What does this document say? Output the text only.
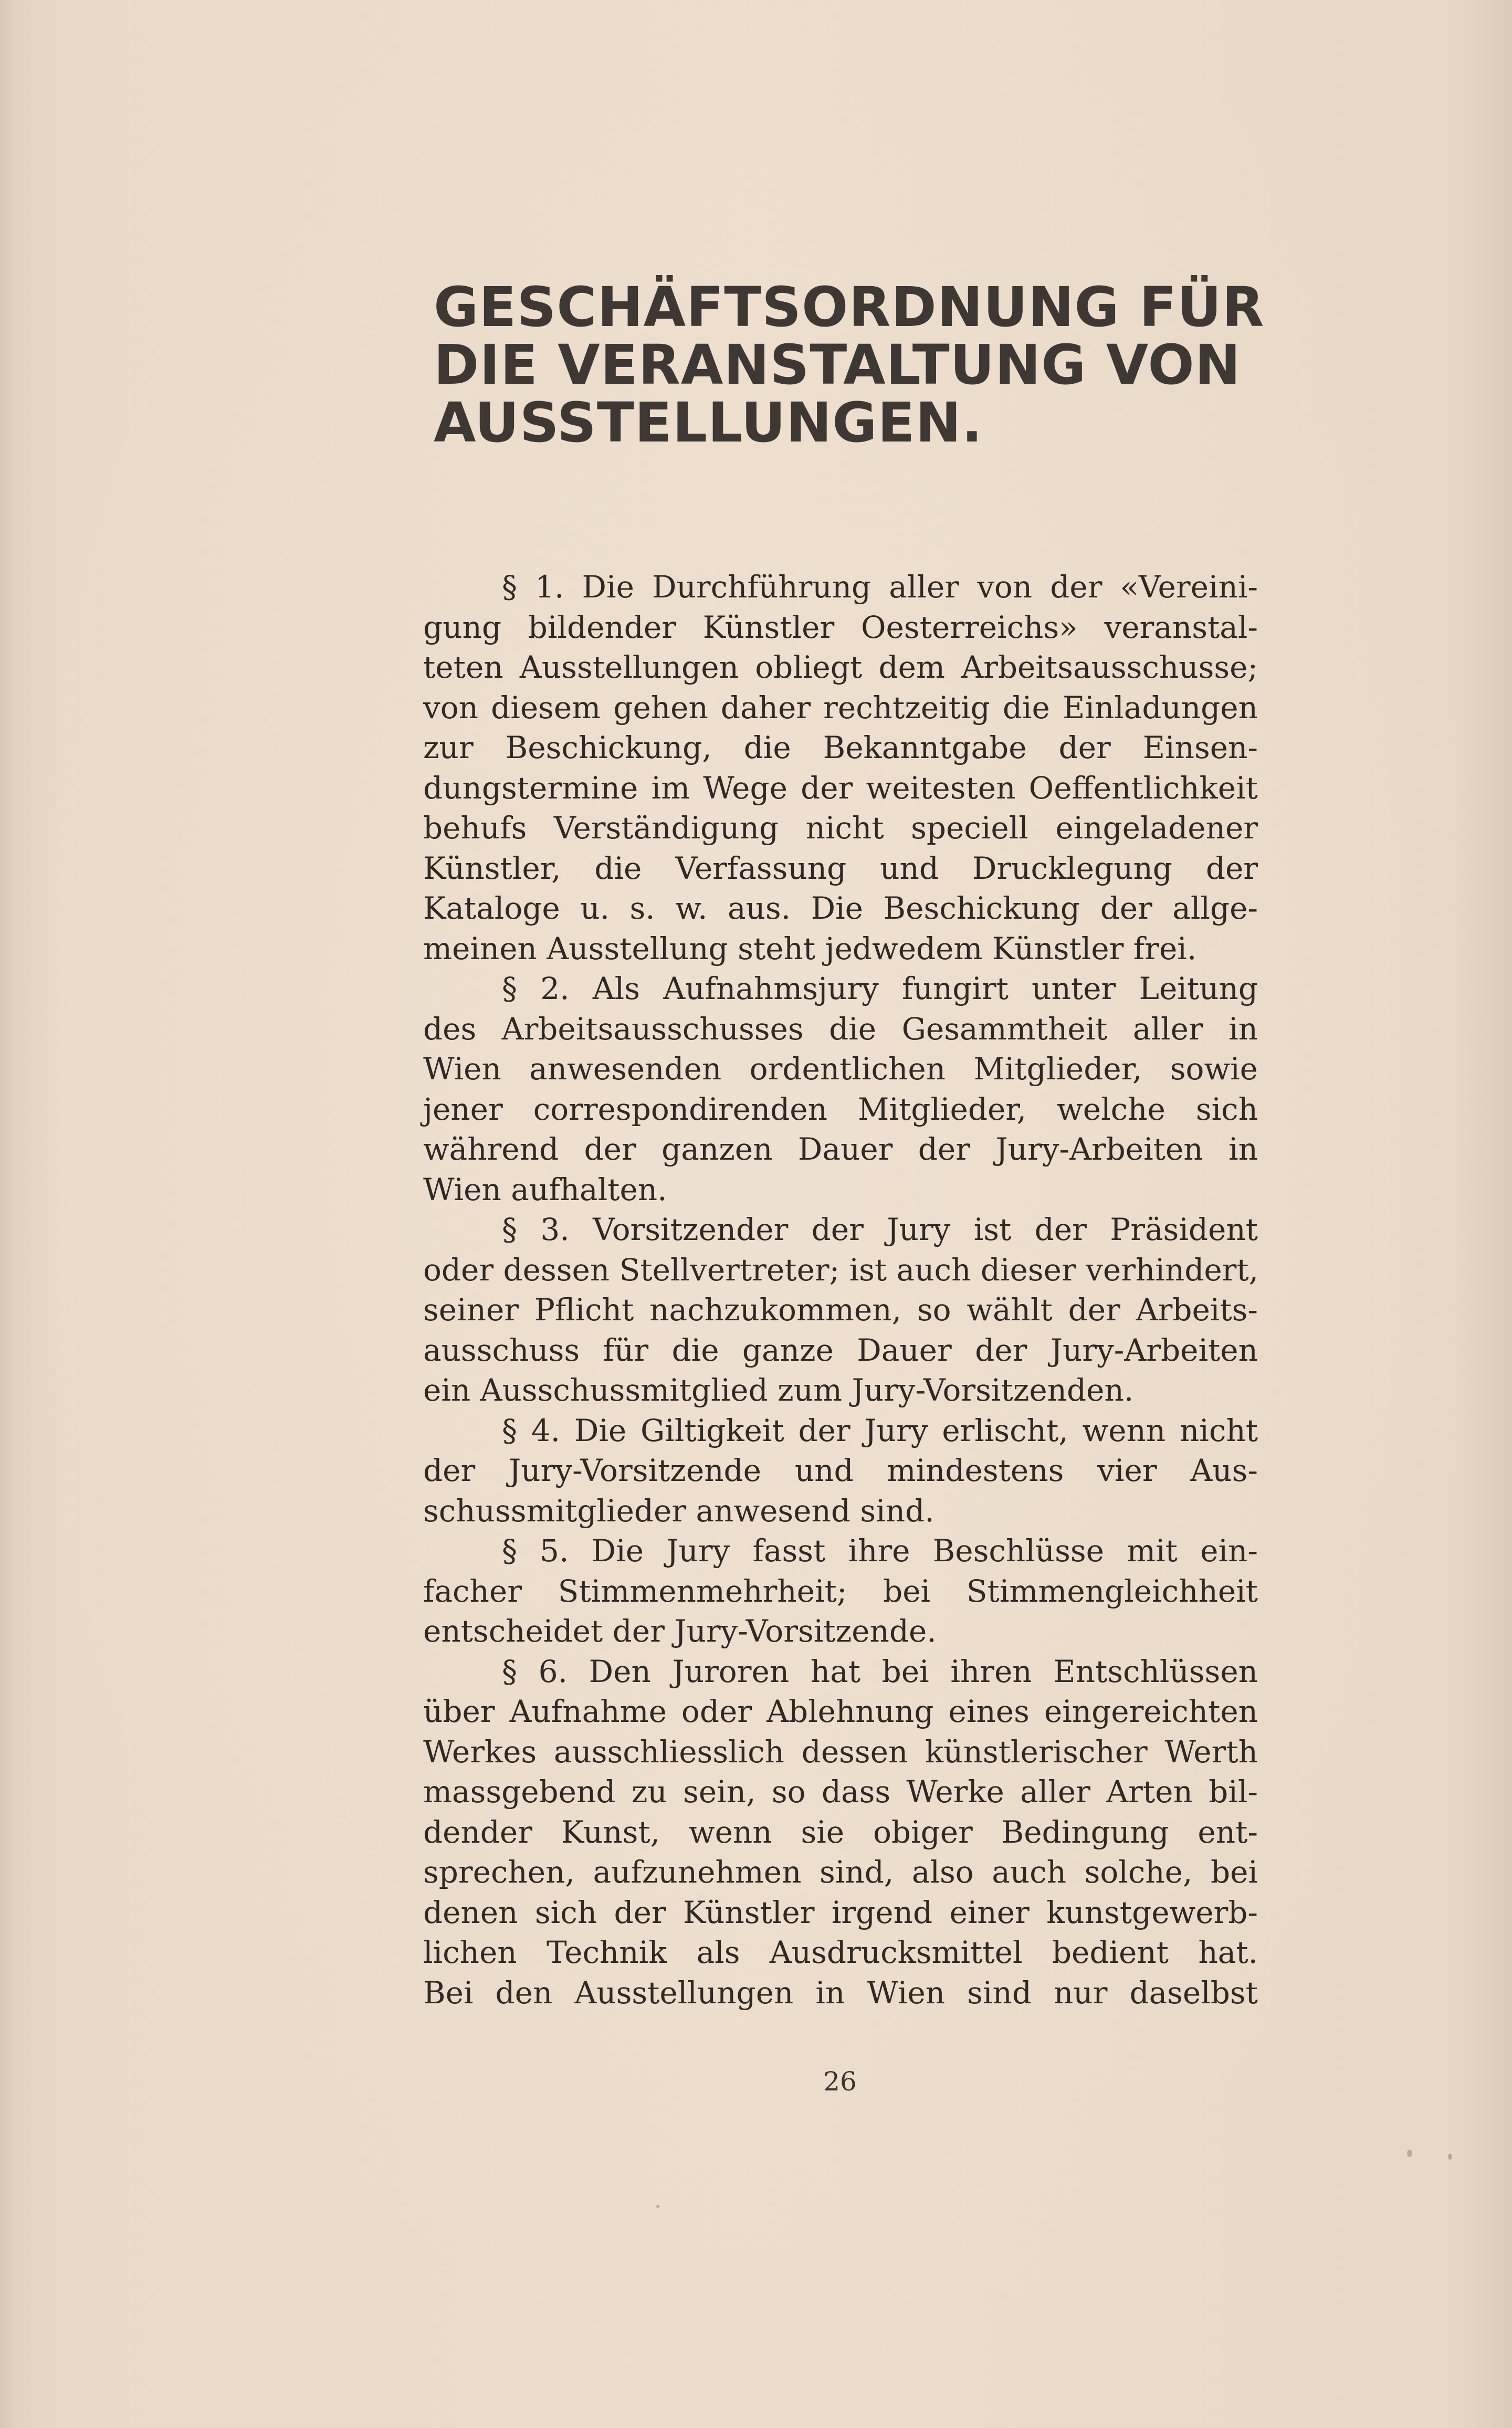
GESCHÄFTSORDNUNG FÜR
DIE VERANSTALTUNG VON
AUSSTELLUNGEN.
§ 1. Die Durchführung aller von der «Vereini-
gung bildender Künstler Oesterreichs» veranstal-
teten Ausstellungen obliegt dem Arbeitsausschusse;
von diesem gehen daher rechtzeitig die Einladungen
zur Beschickung, die Bekanntgabe der Einsen-
dungstermine im Wege der weitesten Oeffentlichkeit
behufs Verständigung nicht speciell eingeladener
Künstler, die Verfassung und Drucklegung der
Kataloge u. s. w. aus. Die Beschickung der allge-
meinen Ausstellung steht jedwedem Künstler frei.
§ 2. Als Aufnahmsjury fungirt unter Leitung
des Arbeitsausschusses die Gesammtheit aller in
Wien anwesenden ordentlichen Mitglieder, sowie
jener correspondirenden Mitglieder, welche sich
während der ganzen Dauer der Jury-Arbeiten in
Wien aufhalten.
§ 3. Vorsitzender der Jury ist der Präsident
oder dessen Stellvertreter; ist auch dieser verhindert,
seiner Pflicht nachzukommen, so wählt der Arbeits-
ausschuss für die ganze Dauer der Jury-Arbeiten
ein Ausschussmitglied zum Jury-Vorsitzenden.
§ 4. Die Giltigkeit der Jury erlischt, wenn nicht
der Jury-Vorsitzende und mindestens vier Aus-
schussmitglieder anwesend sind.
§ 5. Die Jury fasst ihre Beschlüsse mit ein-
facher Stimmenmehrheit; bei Stimmengleichheit
entscheidet der Jury-Vorsitzende.
§ 6. Den Juroren hat bei ihren Entschlüssen
über Aufnahme oder Ablehnung eines eingereichten
Werkes ausschliesslich dessen künstlerischer Werth
massgebend zu sein, so dass Werke aller Arten bil-
dender Kunst, wenn sie obiger Bedingung ent-
sprechen, aufzunehmen sind, also auch solche, bei
denen sich der Künstler irgend einer kunstgewerb-
lichen Technik als Ausdrucksmittel bedient hat.
Bei den Ausstellungen in Wien sind nur daselbst
26
